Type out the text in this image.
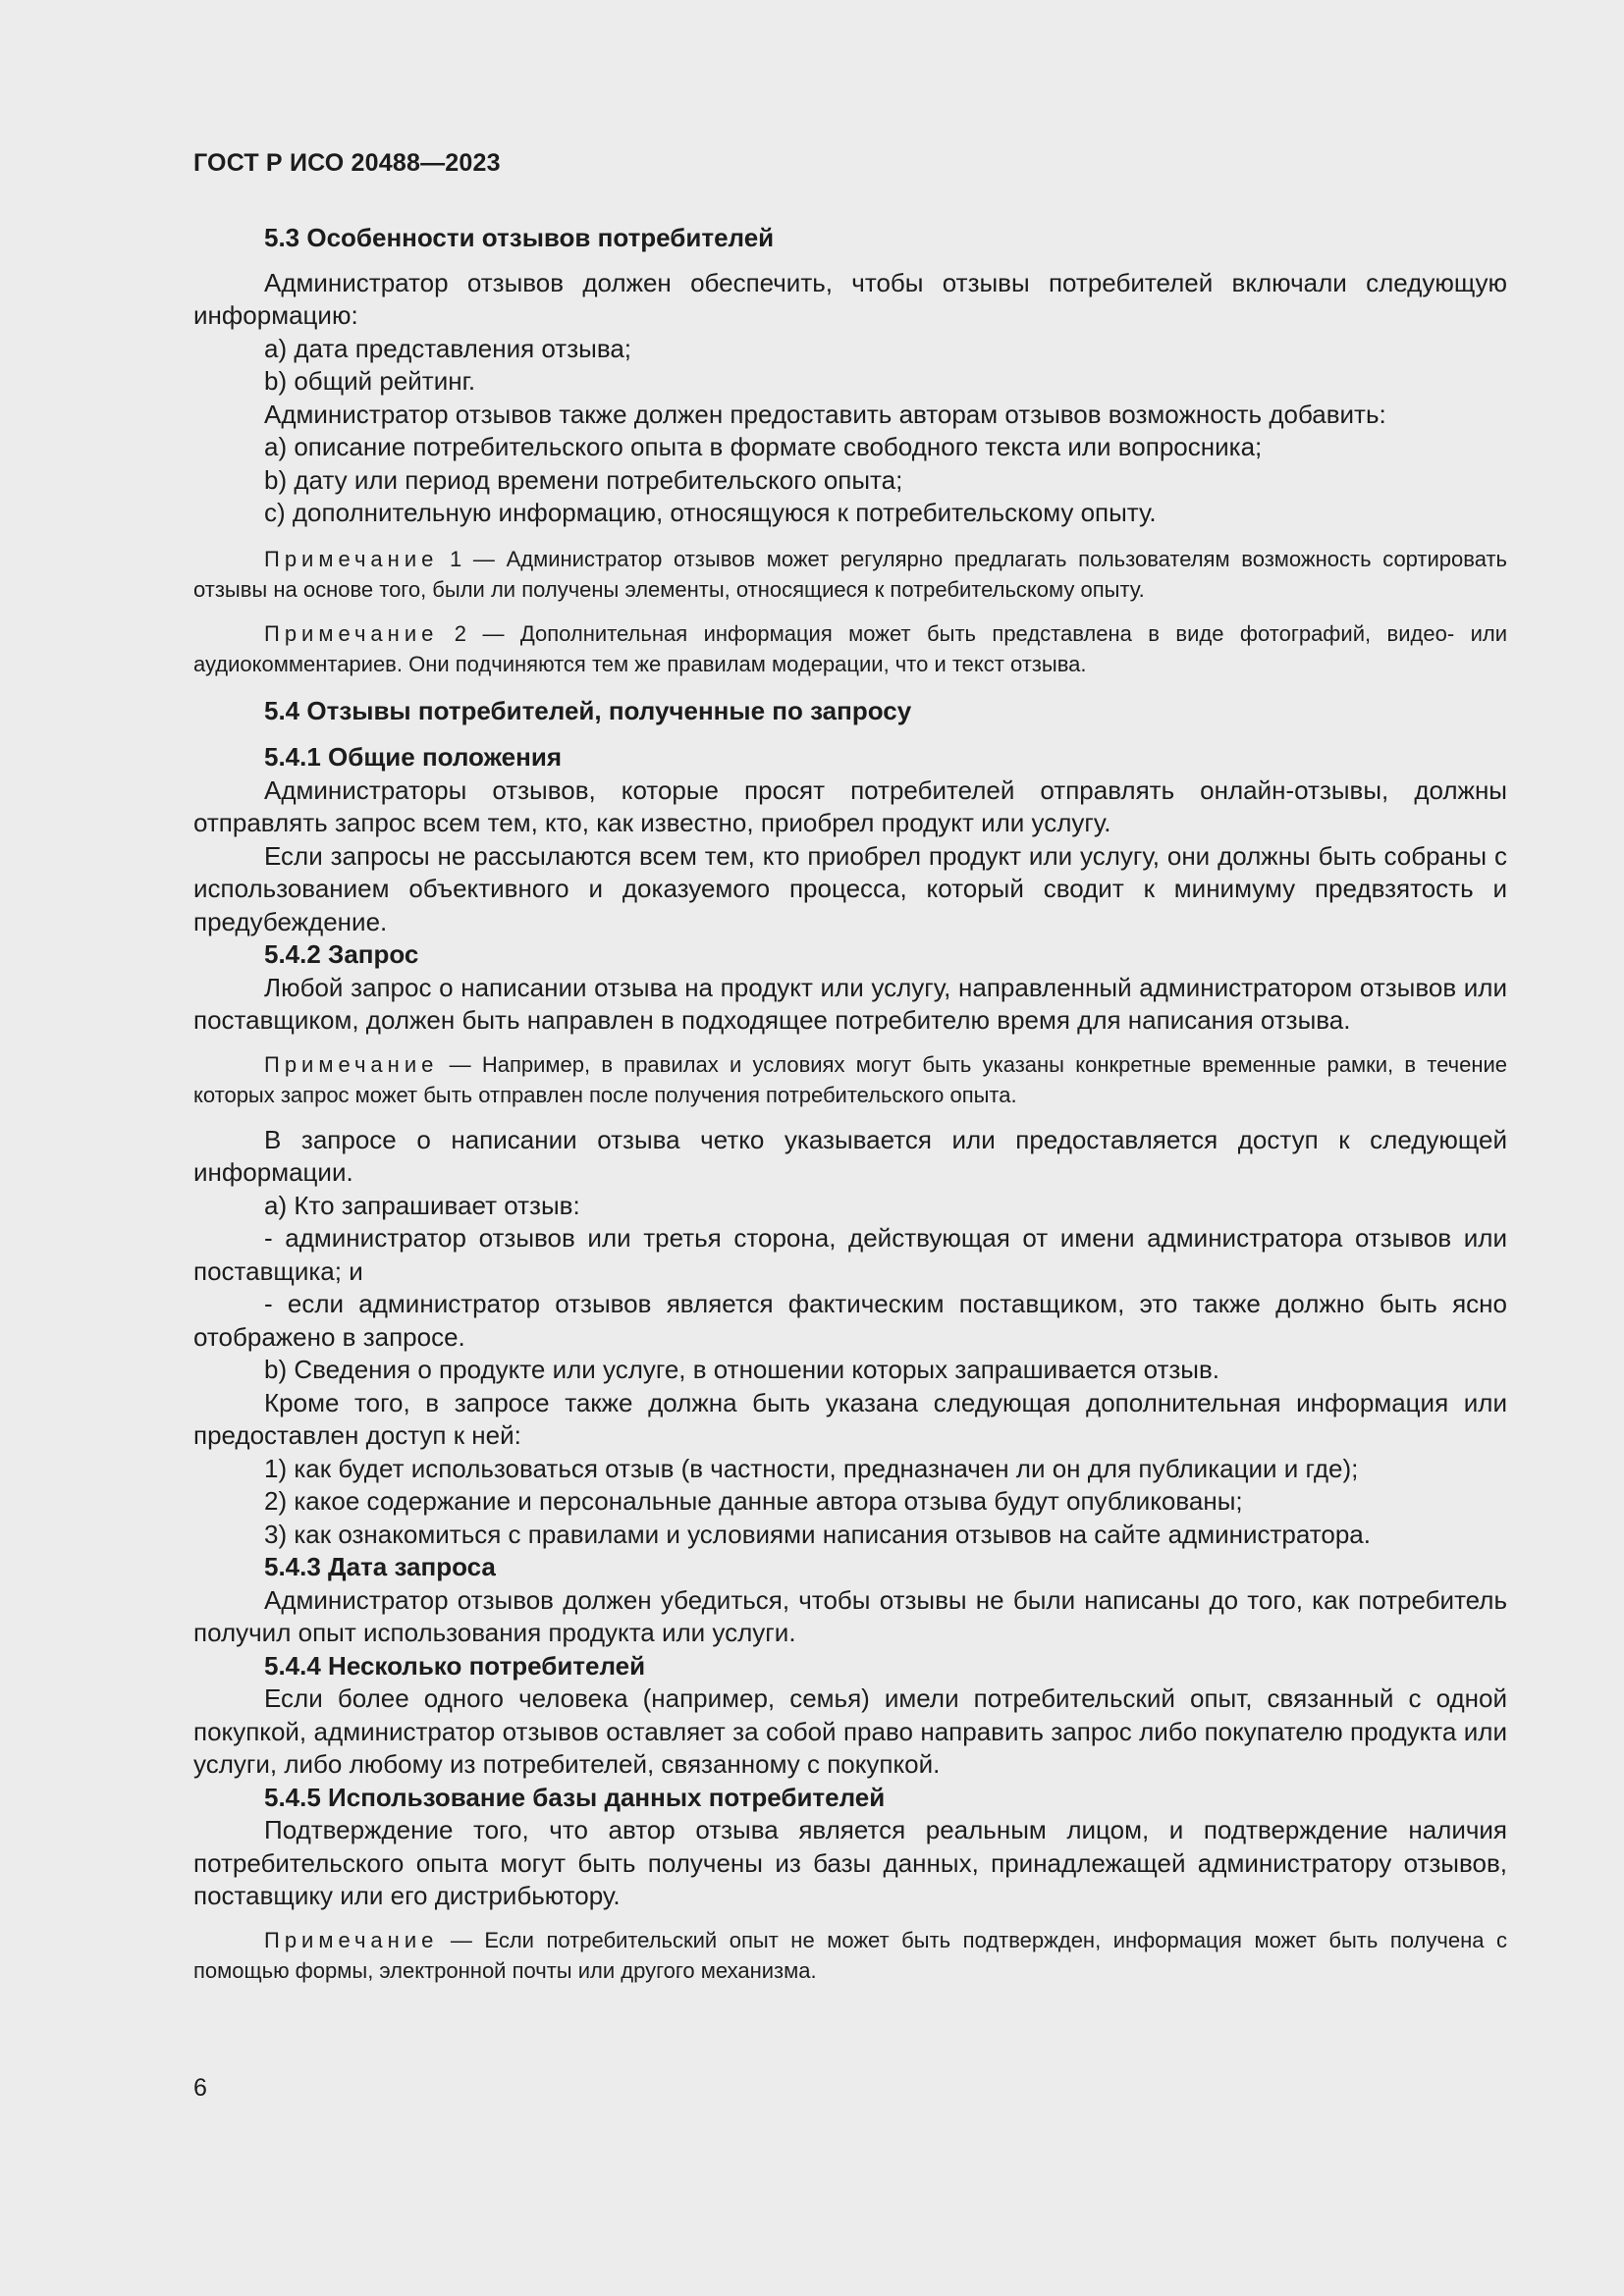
ГОСТ Р ИСО 20488—2023

5.3 Особенности отзывов потребителей

Администратор отзывов должен обеспечить, чтобы отзывы потребителей включали следующую информацию:

a) дата представления отзыва;

b) общий рейтинг.

Администратор отзывов также должен предоставить авторам отзывов возможность добавить:

a) описание потребительского опыта в формате свободного текста или вопросника;

b) дату или период времени потребительского опыта;

c) дополнительную информацию, относящуюся к потребительскому опыту.

Примечание 1 — Администратор отзывов может регулярно предлагать пользователям возможность сортировать отзывы на основе того, были ли получены элементы, относящиеся к потребительскому опыту.

Примечание 2 — Дополнительная информация может быть представлена в виде фотографий, видео- или аудиокомментариев. Они подчиняются тем же правилам модерации, что и текст отзыва.

5.4 Отзывы потребителей, полученные по запросу

5.4.1 Общие положения

Администраторы отзывов, которые просят потребителей отправлять онлайн-отзывы, должны отправлять запрос всем тем, кто, как известно, приобрел продукт или услугу.

Если запросы не рассылаются всем тем, кто приобрел продукт или услугу, они должны быть собраны с использованием объективного и доказуемого процесса, который сводит к минимуму предвзятость и предубеждение.

5.4.2 Запрос

Любой запрос о написании отзыва на продукт или услугу, направленный администратором отзывов или поставщиком, должен быть направлен в подходящее потребителю время для написания отзыва.

Примечание — Например, в правилах и условиях могут быть указаны конкретные временные рамки, в течение которых запрос может быть отправлен после получения потребительского опыта.

В запросе о написании отзыва четко указывается или предоставляется доступ к следующей информации.

a) Кто запрашивает отзыв:

- администратор отзывов или третья сторона, действующая от имени администратора отзывов или поставщика; и

- если администратор отзывов является фактическим поставщиком, это также должно быть ясно отображено в запросе.

b) Сведения о продукте или услуге, в отношении которых запрашивается отзыв.

Кроме того, в запросе также должна быть указана следующая дополнительная информация или предоставлен доступ к ней:

1) как будет использоваться отзыв (в частности, предназначен ли он для публикации и где);

2) какое содержание и персональные данные автора отзыва будут опубликованы;

3) как ознакомиться с правилами и условиями написания отзывов на сайте администратора.

5.4.3 Дата запроса

Администратор отзывов должен убедиться, чтобы отзывы не были написаны до того, как потребитель получил опыт использования продукта или услуги.

5.4.4 Несколько потребителей

Если более одного человека (например, семья) имели потребительский опыт, связанный с одной покупкой, администратор отзывов оставляет за собой право направить запрос либо покупателю продукта или услуги, либо любому из потребителей, связанному с покупкой.

5.4.5 Использование базы данных потребителей

Подтверждение того, что автор отзыва является реальным лицом, и подтверждение наличия потребительского опыта могут быть получены из базы данных, принадлежащей администратору отзывов, поставщику или его дистрибьютору.

Примечание — Если потребительский опыт не может быть подтвержден, информация может быть получена с помощью формы, электронной почты или другого механизма.

6
